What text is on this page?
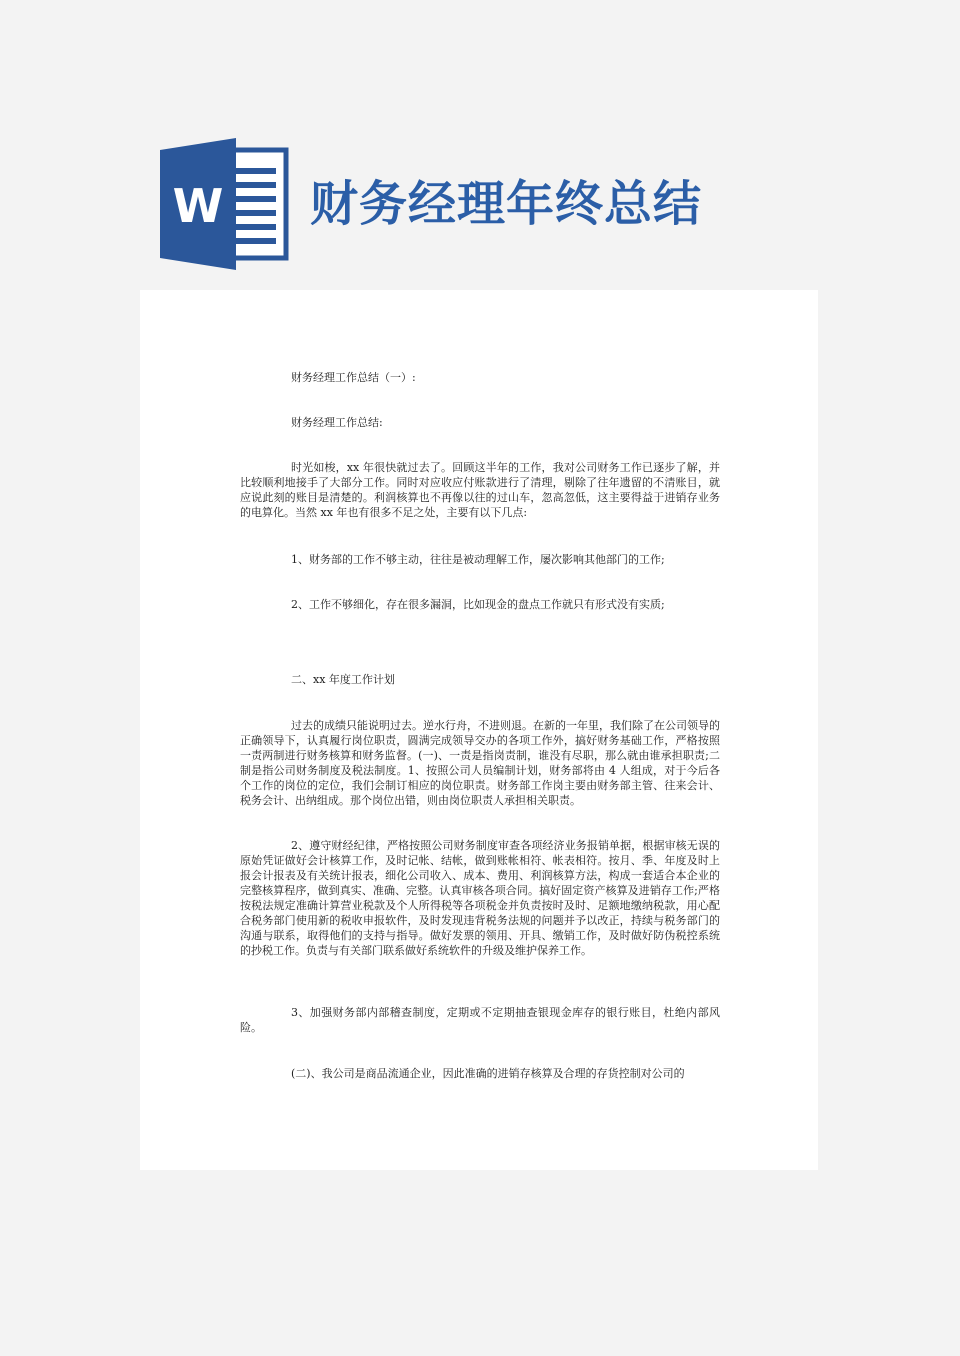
W 财务经理年终总结

财务经理工作总结（一）:

财务经理工作总结:

时光如梭，xx 年很快就过去了。回顾这半年的工作，我对公司财务工作已逐步了解，并比较顺利地接手了大部分工作。同时对应收应付账款进行了清理，剔除了往年遗留的不清账目，就应说此刻的账目是清楚的。利润核算也不再像以往的过山车，忽高忽低，这主要得益于进销存业务的电算化。当然 xx 年也有很多不足之处，主要有以下几点:

1、财务部的工作不够主动，往往是被动理解工作，屡次影响其他部门的工作;

2、工作不够细化，存在很多漏洞，比如现金的盘点工作就只有形式没有实质;

二、xx 年度工作计划

过去的成绩只能说明过去。逆水行舟，不进则退。在新的一年里，我们除了在公司领导的正确领导下，认真履行岗位职责，圆满完成领导交办的各项工作外，搞好财务基础工作，严格按照一责两制进行财务核算和财务监督。(一)、一责是指岗责制，谁没有尽职，那么就由谁承担职责;二制是指公司财务制度及税法制度。1、按照公司人员编制计划，财务部将由 4 人组成，对于今后各个工作的岗位的定位，我们会制订相应的岗位职责。财务部工作岗主要由财务部主管、往来会计、税务会计、出纳组成。那个岗位出错，则由岗位职责人承担相关职责。

2、遵守财经纪律，严格按照公司财务制度审查各项经济业务报销单据，根据审核无误的原始凭证做好会计核算工作，及时记帐、结帐，做到账帐相符、帐表相符。按月、季、年度及时上报会计报表及有关统计报表，细化公司收入、成本、费用、利润核算方法，构成一套适合本企业的完整核算程序，做到真实、准确、完整。认真审核各项合同。搞好固定资产核算及进销存工作;严格按税法规定准确计算营业税款及个人所得税等各项税金并负责按时及时、足额地缴纳税款，用心配合税务部门使用新的税收申报软件，及时发现违背税务法规的问题并予以改正，持续与税务部门的沟通与联系，取得他们的支持与指导。做好发票的领用、开具、缴销工作，及时做好防伪税控系统的抄税工作。负责与有关部门联系做好系统软件的升级及维护保养工作。

3、加强财务部内部稽查制度，定期或不定期抽查银现金库存的银行账目，杜绝内部风险。

(二)、我公司是商品流通企业，因此准确的进销存核算及合理的存货控制对公司的
